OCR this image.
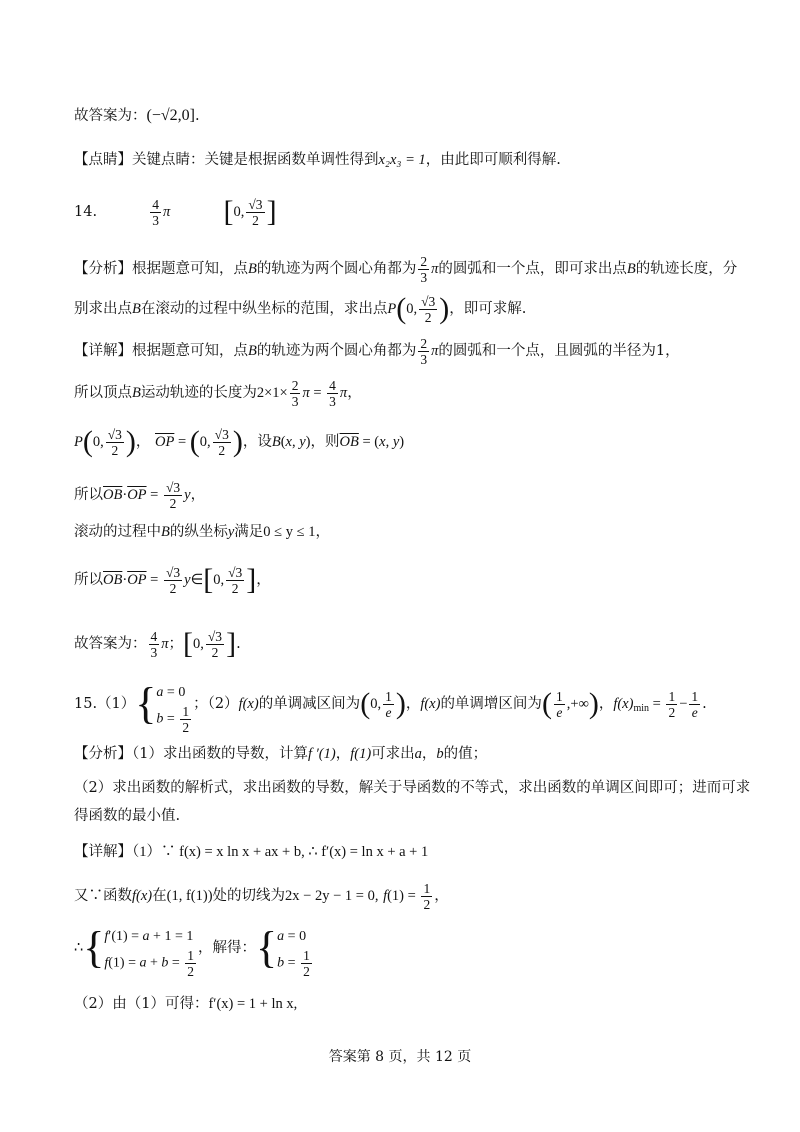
故答案为：(−√2,0].
【点睛】关键点睛：关键是根据函数单调性得到x₂x₃ = 1，由此即可顺利得解.
14.	$\frac{4}{3}$ π [0, $\frac{√3}{2}$ ]
【分析】根据题意可知，点B的轨迹为两个圆心角都为 $\frac{2}{3}$ π的圆弧和一个点，即可求出点B的轨迹长度，分
别求出点B在滚动的过程中纵坐标的范围，求出点P(0, $\frac{√3}{2}$ )，即可求解.
【详解】根据题意可知，点B的轨迹为两个圆心角都为 $\frac{2}{3}$ π的圆弧和一个点，且圆弧的半径为1，
所以顶点B运动轨迹的长度为$2\times 1\times \frac{2}{3}$ $\pi = \frac{4}{3}$ π，
P(0, $\frac{√3}{2}$ )， $\overline{OP} = (0$, $\frac{√3}{2}$ )，设B(x, y)，则$\overline{OB} = (x$, y)
所以$\overline{OB}\cdot\overline{OP} = \frac{√3}{2}$ y，
滚动的过程中B的纵坐标y满足0 ≤ y ≤ 1，
所以$\overline{OB}\cdot\overline{OP} = \frac{√3}{2}$ y∈[0, $\frac{√3}{2}$ ]，
故答案为： $\frac{4}{3}$ π；[0, $\frac{√3}{2}$ ].
15.（1）{ a = 0
$b = \frac{1}{2}$ ；（2）f(x)的单调减区间为(0, $\frac{1}{e}$ )，f(x)的单调增区间为( $\frac{1}{e}$ ,+∞)，$f(x)_{min} = \frac{1}{2} - \frac{1}{e}$ .
【分析】（1）求出函数的导数，计算f ′(1)，f(1)可求出a，b的值；
（2）求出函数的解析式，求出函数的导数，解关于导函数的不等式，求出函数的单调区间即可；进而可求
得函数的最小值.
【详解】（1）∵ f(x) = x ln x + ax + b, ∴ f′(x) = ln x + a + 1
又∵函数f(x)在(1, f(1))处的切线为2x − 2y − 1 = 0, $f(1) = \frac{1}{2}$ ，
∴{ f′(1) = a + 1 = 1
$f(1) = a + b = \frac{1}{2}$ ，解得：{ a = 0
$b = \frac{1}{2}$
（2）由（1）可得：f′(x) = 1 + ln x,
答案第 8 页，共 12 页
